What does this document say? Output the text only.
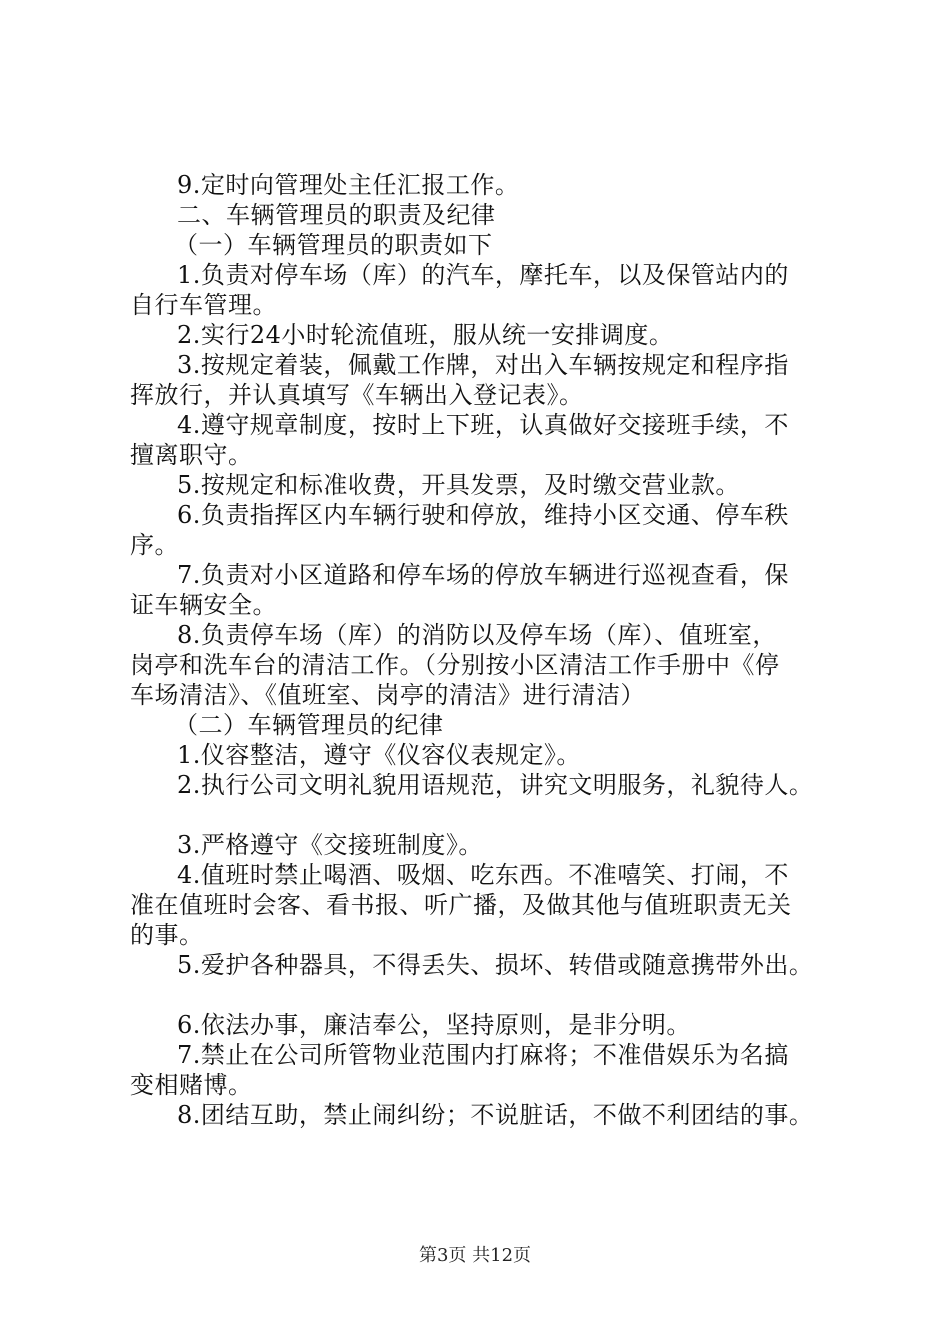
9.定时向管理处主任汇报工作。
二、车辆管理员的职责及纪律
（一）车辆管理员的职责如下
1.负责对停车场（库）的汽车，摩托车，以及保管站内的
自行车管理。
2.实行24小时轮流值班，服从统一安排调度。
3.按规定着装，佩戴工作牌，对出入车辆按规定和程序指
挥放行，并认真填写《车辆出入登记表》。
4.遵守规章制度，按时上下班，认真做好交接班手续，不
擅离职守。
5.按规定和标准收费，开具发票，及时缴交营业款。
6.负责指挥区内车辆行驶和停放，维持小区交通、停车秩
序。
7.负责对小区道路和停车场的停放车辆进行巡视查看，保
证车辆安全。
8.负责停车场（库）的消防以及停车场（库）、值班室，
岗亭和洗车台的清洁工作。（分别按小区清洁工作手册中《停
车场清洁》、《值班室、岗亭的清洁》进行清洁）
（二）车辆管理员的纪律
1.仪容整洁，遵守《仪容仪表规定》。
2.执行公司文明礼貌用语规范，讲究文明服务，礼貌待人。
3.严格遵守《交接班制度》。
4.值班时禁止喝酒、吸烟、吃东西。不准嘻笑、打闹，不
准在值班时会客、看书报、听广播，及做其他与值班职责无关
的事。
5.爱护各种器具，不得丢失、损坏、转借或随意携带外出。
6.依法办事，廉洁奉公，坚持原则，是非分明。
7.禁止在公司所管物业范围内打麻将；不准借娱乐为名搞
变相赌博。
8.团结互助，禁止闹纠纷；不说脏话，不做不利团结的事。
第3页 共12页
